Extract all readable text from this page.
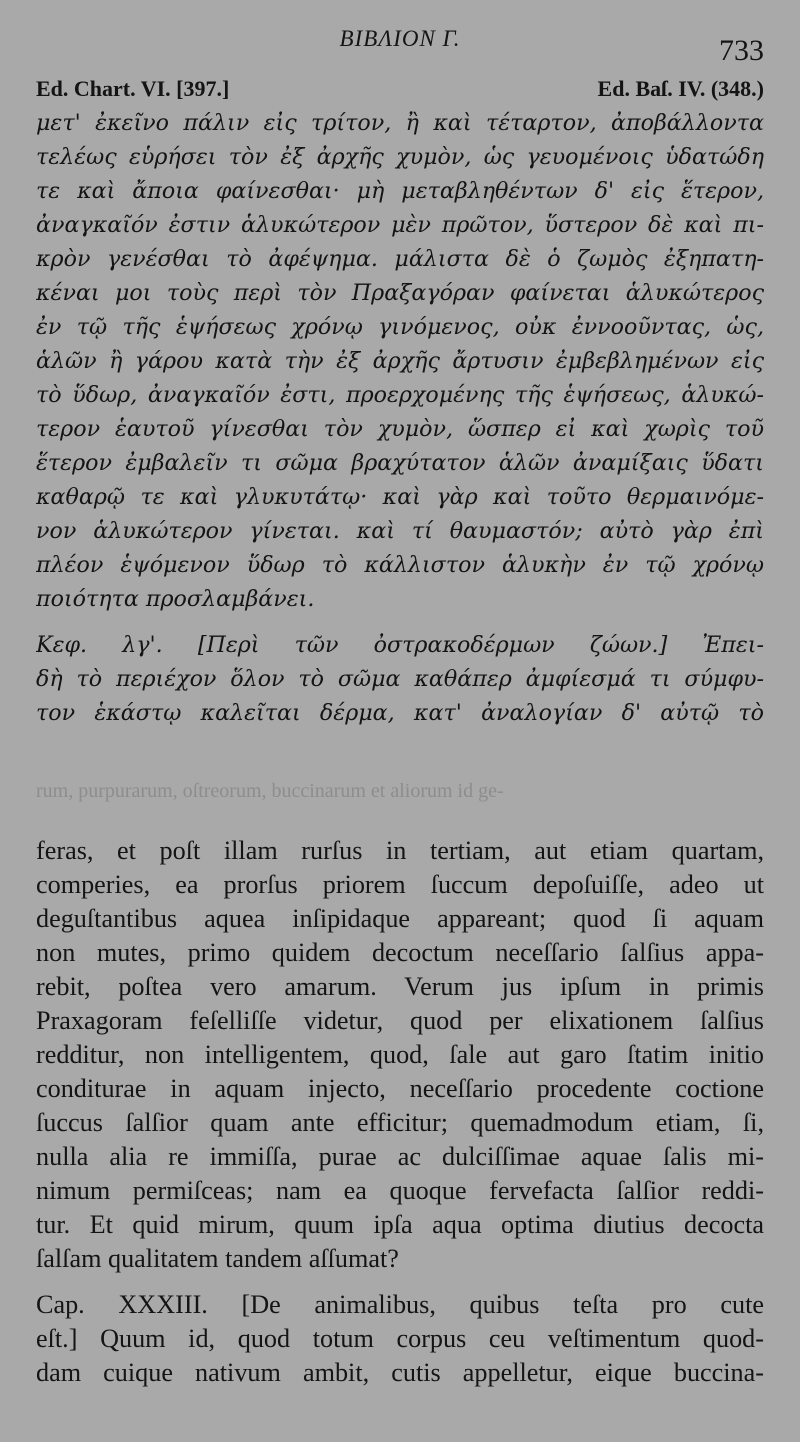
ΒΙΒΛΙΟΝ Γ.	733
Ed. Chart. VI. [397.]	Ed. Baſ. IV. (348.)
μετ' ἐκεῖνο πάλιν εἰς τρίτον, ἢ καὶ τέταρτον, ἀποβάλλοντα
τελέως εὑρήσει τὸν ἐξ ἀρχῆς χυμὸν, ὡς γευομένοις ὑδατώδη
τε καὶ ἄποια φαίνεσθαι· μὴ μεταβληθέντων δ' εἰς ἕτερον,
ἀναγκαῖόν ἐστιν ἁλυκώτερον μὲν πρῶτον, ὕστερον δὲ καὶ πι-
κρὸν γενέσθαι τὸ ἀφέψημα. μάλιστα δὲ ὁ ζωμὸς ἐξηπατη-
κέναι μοι τοὺς περὶ τὸν Πραξαγόραν φαίνεται ἁλυκώτερος
ἐν τῷ τῆς ἑψήσεως χρόνῳ γινόμενος, οὐκ ἐννοοῦντας, ὡς,
ἁλῶν ἢ γάρου κατὰ τὴν ἐξ ἀρχῆς ἄρτυσιν ἐμβεβλημένων εἰς
τὸ ὕδωρ, ἀναγκαῖόν ἐστι, προερχομένης τῆς ἑψήσεως, ἁλυκώ-
τερον ἑαυτοῦ γίνεσθαι τὸν χυμὸν, ὥσπερ εἰ καὶ χωρὶς τοῦ
ἕτερον ἐμβαλεῖν τι σῶμα βραχύτατον ἁλῶν ἀναμίξαις ὕδατι
καθαρῷ τε καὶ γλυκυτάτῳ· καὶ γὰρ καὶ τοῦτο θερμαινόμε-
νον ἁλυκώτερον γίνεται. καὶ τί θαυμαστόν; αὐτὸ γὰρ ἐπὶ
πλέον ἑψόμενον ὕδωρ τὸ κάλλιστον ἁλυκὴν ἐν τῷ χρόνῳ
ποιότητα προσλαμβάνει.
Κεφ. λγ'. [Περὶ τῶν ὀστρακοδέρμων ζώων.] Ἐπει-
δὴ τὸ περιέχον ὅλον τὸ σῶμα καθάπερ ἀμφίεσμά τι σύμφυ-
τον ἑκάστῳ καλεῖται δέρμα, κατ' ἀναλογίαν δ' αὐτῷ τὸ
rum, purpurarum, oſtreorum, buccinarum et aliorum id ge-
feras, et poſt illam rurſus in tertiam, aut etiam quartam,
comperies, ea prorſus priorem ſuccum depoſuiſſe, adeo ut
deguſtantibus aquea inſipidaque appareant; quod ſi aquam
non mutes, primo quidem decoctum neceſſario ſalſius appa-
rebit, poſtea vero amarum. Verum jus ipſum in primis
Praxagoram feſelliſſe videtur, quod per elixationem ſalſius
redditur, non intelligentem, quod, ſale aut garo ſtatim initio
conditurae in aquam injecto, neceſſario procedente coctione
ſuccus ſalſior quam ante efficitur; quemadmodum etiam, ſi,
nulla alia re immiſſa, purae ac dulciſſimae aquae ſalis mi-
nimum permiſceas; nam ea quoque fervefacta ſalſior reddi-
tur. Et quid mirum, quum ipſa aqua optima diutius decocta
ſalſam qualitatem tandem aſſumat?
Cap. XXXIII. [De animalibus, quibus teſta pro cute
eſt.] Quum id, quod totum corpus ceu veſtimentum quod-
dam cuique nativum ambit, cutis appelletur, eique buccina-
